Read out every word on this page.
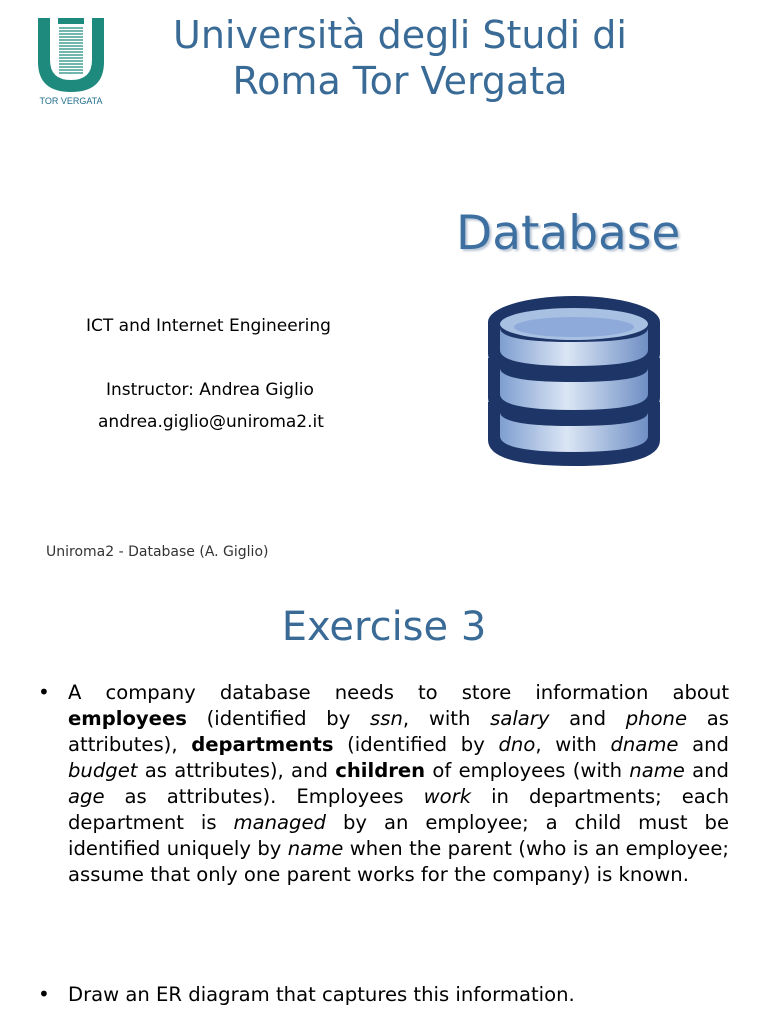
TOR VERGATA
Università degli Studi di
Roma Tor Vergata
Database
ICT and Internet Engineering
Instructor: Andrea Giglio
andrea.giglio@uniroma2.it
Uniroma2 - Database (A. Giglio)
Exercise 3
• A company database needs to store information about employees (identified by ssn, with salary and phone as attributes), departments (identified by dno, with dname and budget as attributes), and children of employees (with name and age as attributes). Employees work in departments; each department is managed by an employee; a child must be identified uniquely by name when the parent (who is an employee; assume that only one parent works for the company) is known.
• Draw an ER diagram that captures this information.
